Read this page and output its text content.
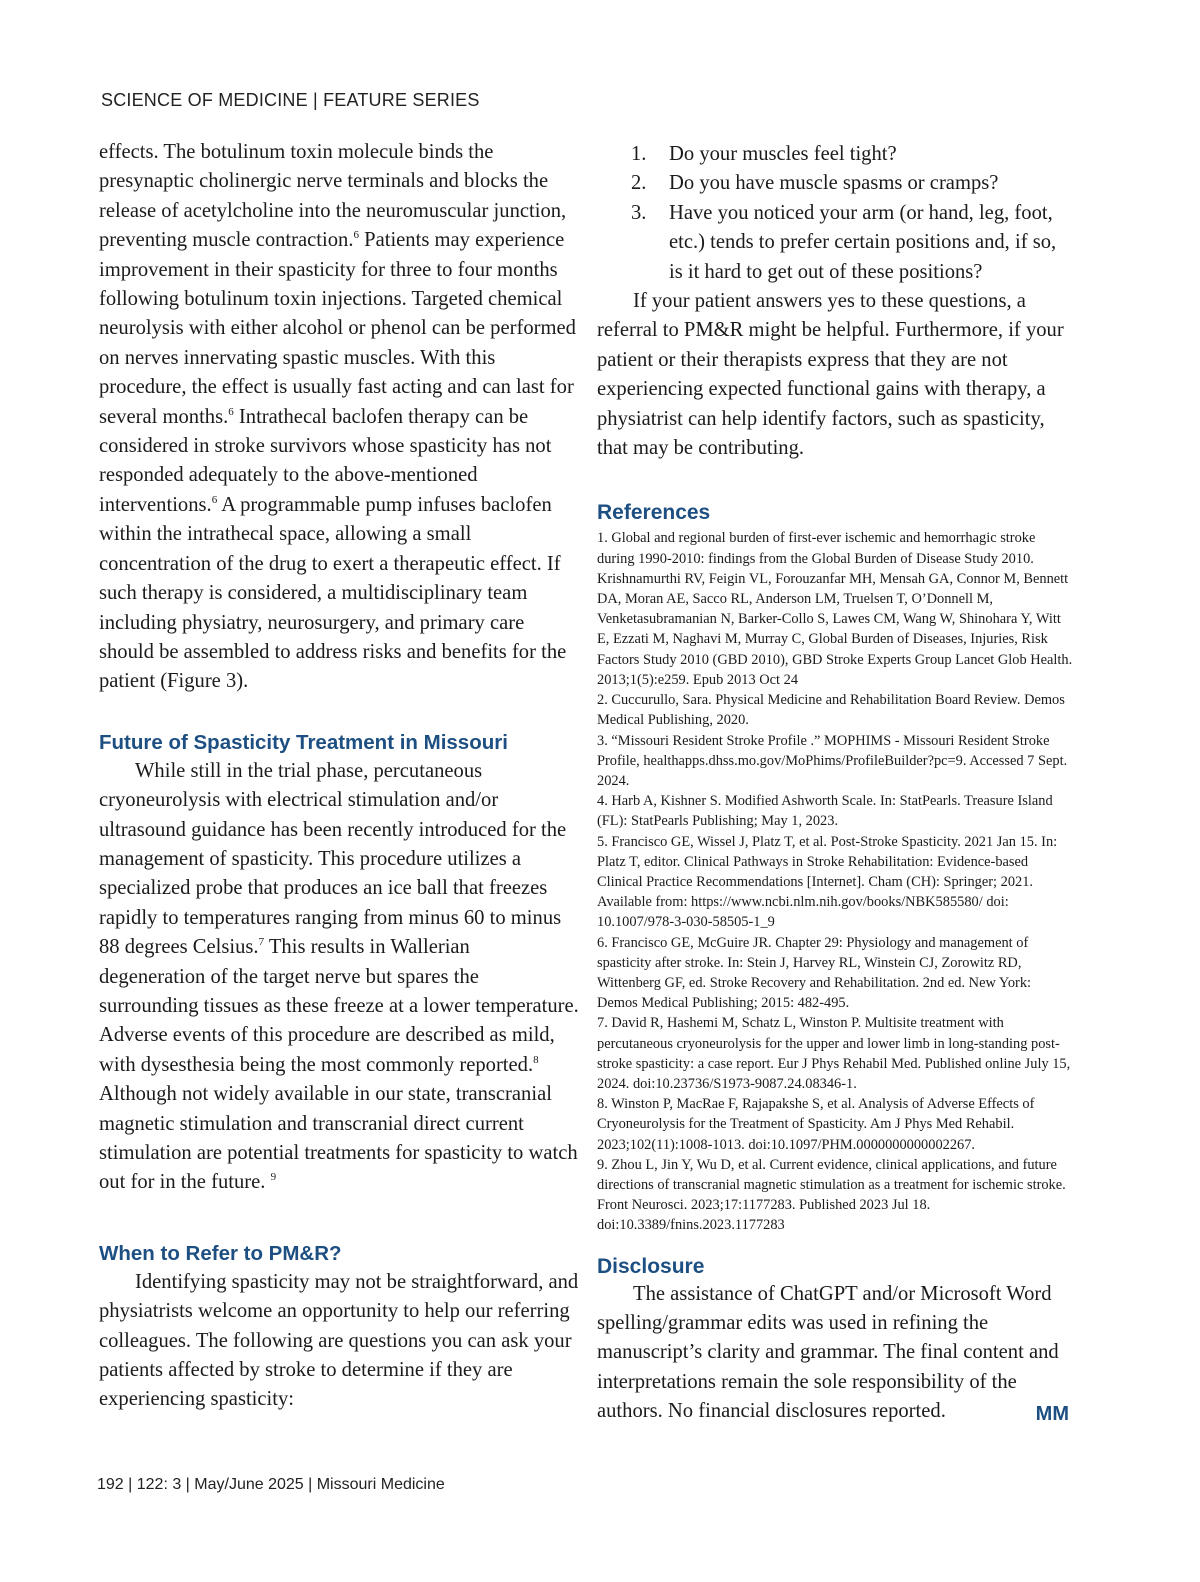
SCIENCE OF MEDICINE | FEATURE SERIES

effects. The botulinum toxin molecule binds the presynaptic cholinergic nerve terminals and blocks the release of acetylcholine into the neuromuscular junction, preventing muscle contraction.$^6$ Patients may experience improvement in their spasticity for three to four months following botulinum toxin injections. Targeted chemical neurolysis with either alcohol or phenol can be performed on nerves innervating spastic muscles. With this procedure, the effect is usually fast acting and can last for several months.$^6$ Intrathecal baclofen therapy can be considered in stroke survivors whose spasticity has not responded adequately to the above-mentioned interventions.$^6$ A programmable pump infuses baclofen within the intrathecal space, allowing a small concentration of the drug to exert a therapeutic effect. If such therapy is considered, a multidisciplinary team including physiatry, neurosurgery, and primary care should be assembled to address risks and benefits for the patient (Figure 3).

Future of Spasticity Treatment in Missouri

While still in the trial phase, percutaneous cryoneurolysis with electrical stimulation and/or ultrasound guidance has been recently introduced for the management of spasticity. This procedure utilizes a specialized probe that produces an ice ball that freezes rapidly to temperatures ranging from minus 60 to minus 88 degrees Celsius.$^7$ This results in Wallerian degeneration of the target nerve but spares the surrounding tissues as these freeze at a lower temperature. Adverse events of this procedure are described as mild, with dysesthesia being the most commonly reported.$^8$ Although not widely available in our state, transcranial magnetic stimulation and transcranial direct current stimulation are potential treatments for spasticity to watch out for in the future. $^9$

When to Refer to PM&R?

Identifying spasticity may not be straightforward, and physiatrists welcome an opportunity to help our referring colleagues. The following are questions you can ask your patients affected by stroke to determine if they are experiencing spasticity:

1. Do your muscles feel tight?
2. Do you have muscle spasms or cramps?
3. Have you noticed your arm (or hand, leg, foot, etc.) tends to prefer certain positions and, if so, is it hard to get out of these positions?

If your patient answers yes to these questions, a referral to PM&R might be helpful. Furthermore, if your patient or their therapists express that they are not experiencing expected functional gains with therapy, a physiatrist can help identify factors, such as spasticity, that may be contributing.

References
1. Global and regional burden of first-ever ischemic and hemorrhagic stroke during 1990-2010: findings from the Global Burden of Disease Study 2010. Krishnamurthi RV, Feigin VL, Forouzanfar MH, Mensah GA, Connor M, Bennett DA, Moran AE, Sacco RL, Anderson LM, Truelsen T, O’Donnell M, Venketasubramanian N, Barker-Collo S, Lawes CM, Wang W, Shinohara Y, Witt E, Ezzati M, Naghavi M, Murray C, Global Burden of Diseases, Injuries, Risk Factors Study 2010 (GBD 2010), GBD Stroke Experts Group Lancet Glob Health. 2013;1(5):e259. Epub 2013 Oct 24
2. Cuccurullo, Sara. Physical Medicine and Rehabilitation Board Review. Demos Medical Publishing, 2020.
3. “Missouri Resident Stroke Profile .” MOPHIMS - Missouri Resident Stroke Profile, healthapps.dhss.mo.gov/MoPhims/ProfileBuilder?pc=9. Accessed 7 Sept. 2024.
4. Harb A, Kishner S. Modified Ashworth Scale. In: StatPearls. Treasure Island (FL): StatPearls Publishing; May 1, 2023.
5. Francisco GE, Wissel J, Platz T, et al. Post-Stroke Spasticity. 2021 Jan 15. In: Platz T, editor. Clinical Pathways in Stroke Rehabilitation: Evidence-based Clinical Practice Recommendations [Internet]. Cham (CH): Springer; 2021. Available from: https://www.ncbi.nlm.nih.gov/books/NBK585580/ doi: 10.1007/978-3-030-58505-1_9
6. Francisco GE, McGuire JR. Chapter 29: Physiology and management of spasticity after stroke. In: Stein J, Harvey RL, Winstein CJ, Zorowitz RD, Wittenberg GF, ed. Stroke Recovery and Rehabilitation. 2nd ed. New York: Demos Medical Publishing; 2015: 482-495.
7. David R, Hashemi M, Schatz L, Winston P. Multisite treatment with percutaneous cryoneurolysis for the upper and lower limb in long-standing post-stroke spasticity: a case report. Eur J Phys Rehabil Med. Published online July 15, 2024. doi:10.23736/S1973-9087.24.08346-1.
8. Winston P, MacRae F, Rajapakshe S, et al. Analysis of Adverse Effects of Cryoneurolysis for the Treatment of Spasticity. Am J Phys Med Rehabil. 2023;102(11):1008-1013. doi:10.1097/PHM.0000000000002267.
9. Zhou L, Jin Y, Wu D, et al. Current evidence, clinical applications, and future directions of transcranial magnetic stimulation as a treatment for ischemic stroke. Front Neurosci. 2023;17:1177283. Published 2023 Jul 18. doi:10.3389/fnins.2023.1177283
Disclosure

The assistance of ChatGPT and/or Microsoft Word spelling/grammar edits was used in refining the manuscript’s clarity and grammar. The final content and interpretations remain the sole responsibility of the authors. No financial disclosures reported.	MM
192 | 122: 3 | May/June 2025 | Missouri Medicine
